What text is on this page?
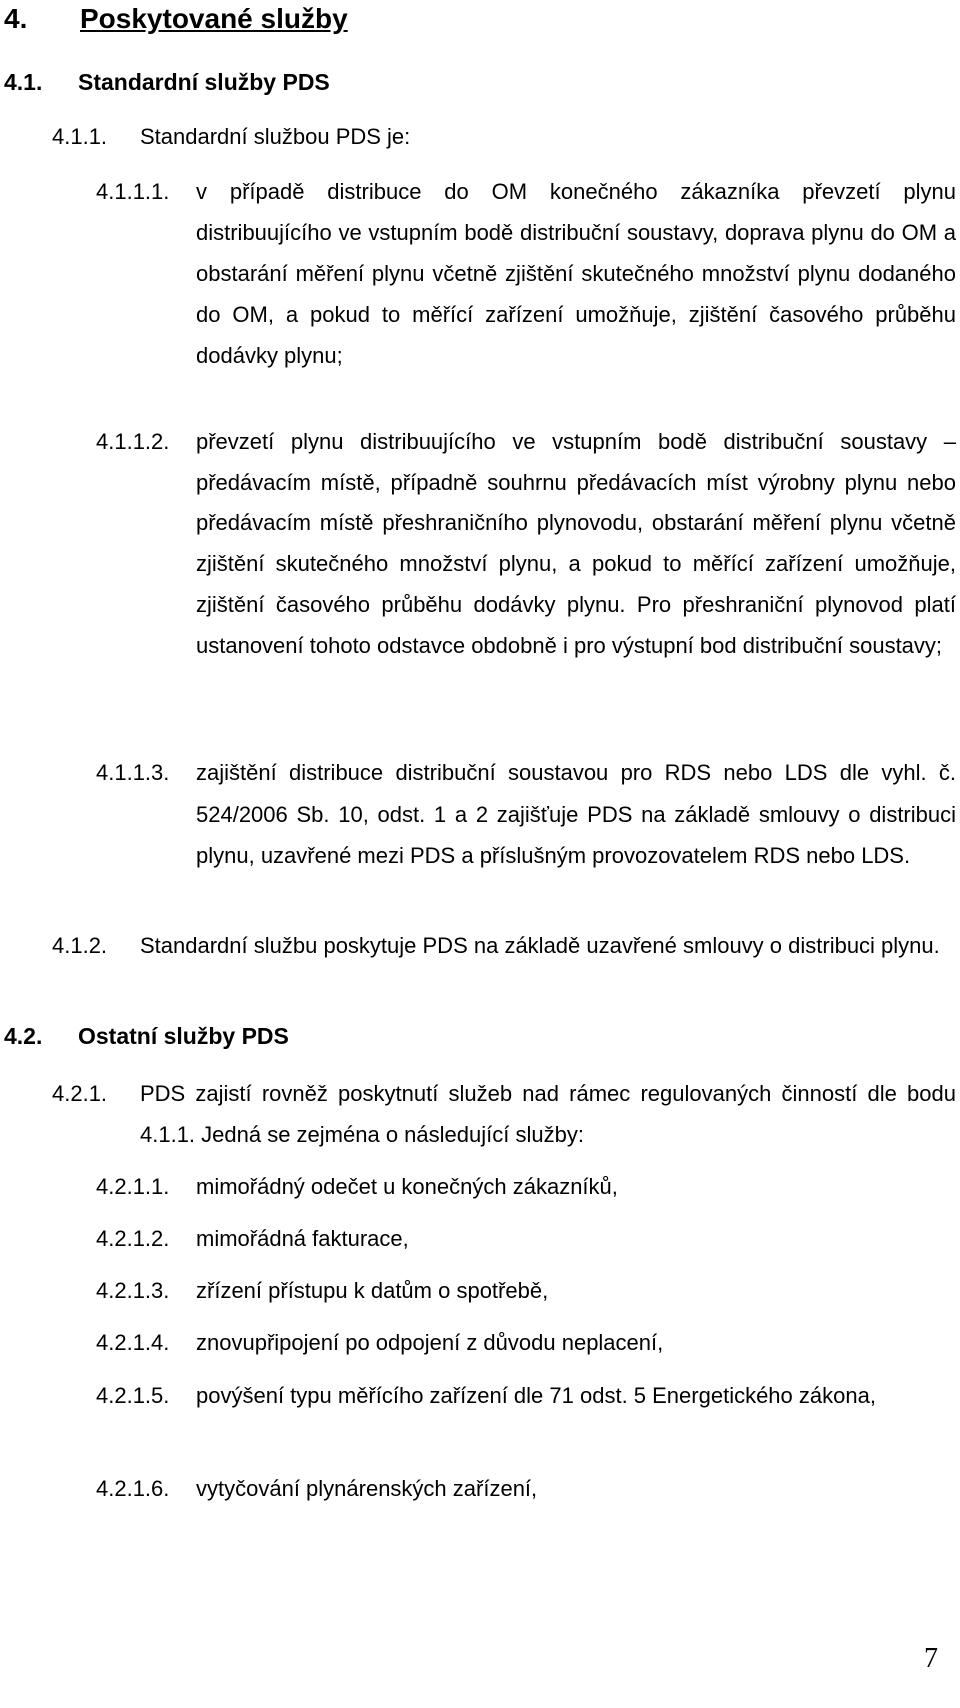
4. Poskytované služby
4.1. Standardní služby PDS
4.1.1. Standardní službou PDS je:
4.1.1.1. v případě distribuce do OM konečného zákazníka převzetí plynu distribuujícího ve vstupním bodě distribuční soustavy, doprava plynu do OM a obstarání měření plynu včetně zjištění skutečného množství plynu dodaného do OM, a pokud to měřící zařízení umožňuje, zjištění časového průběhu dodávky plynu;
4.1.1.2. převzetí plynu distribuujícího ve vstupním bodě distribuční soustavy – předávacím místě, případně souhrnu předávacích míst výrobny plynu nebo předávacím místě přeshraničního plynovodu, obstarání měření plynu včetně zjištění skutečného množství plynu, a pokud to měřící zařízení umožňuje, zjištění časového průběhu dodávky plynu. Pro přeshraniční plynovod platí ustanovení tohoto odstavce obdobně i pro výstupní bod distribuční soustavy;
4.1.1.3. zajištění distribuce distribuční soustavou pro RDS nebo LDS dle vyhl. č. 524/2006 Sb. 10, odst. 1 a 2 zajišťuje PDS na základě smlouvy o distribuci plynu, uzavřené mezi PDS a příslušným provozovatelem RDS nebo LDS.
4.1.2. Standardní službu poskytuje PDS na základě uzavřené smlouvy o distribuci plynu.
4.2. Ostatní služby PDS
4.2.1. PDS zajistí rovněž poskytnutí služeb nad rámec regulovaných činností dle bodu 4.1.1. Jedná se zejména o následující služby:
4.2.1.1. mimořádný odečet u konečných zákazníků,
4.2.1.2. mimořádná fakturace,
4.2.1.3. zřízení přístupu k datům o spotřebě,
4.2.1.4. znovupřipojení po odpojení z důvodu neplacení,
4.2.1.5. povýšení typu měřícího zařízení dle 71 odst. 5 Energetického zákona,
4.2.1.6. vytyčování plynárenských zařízení,
7
